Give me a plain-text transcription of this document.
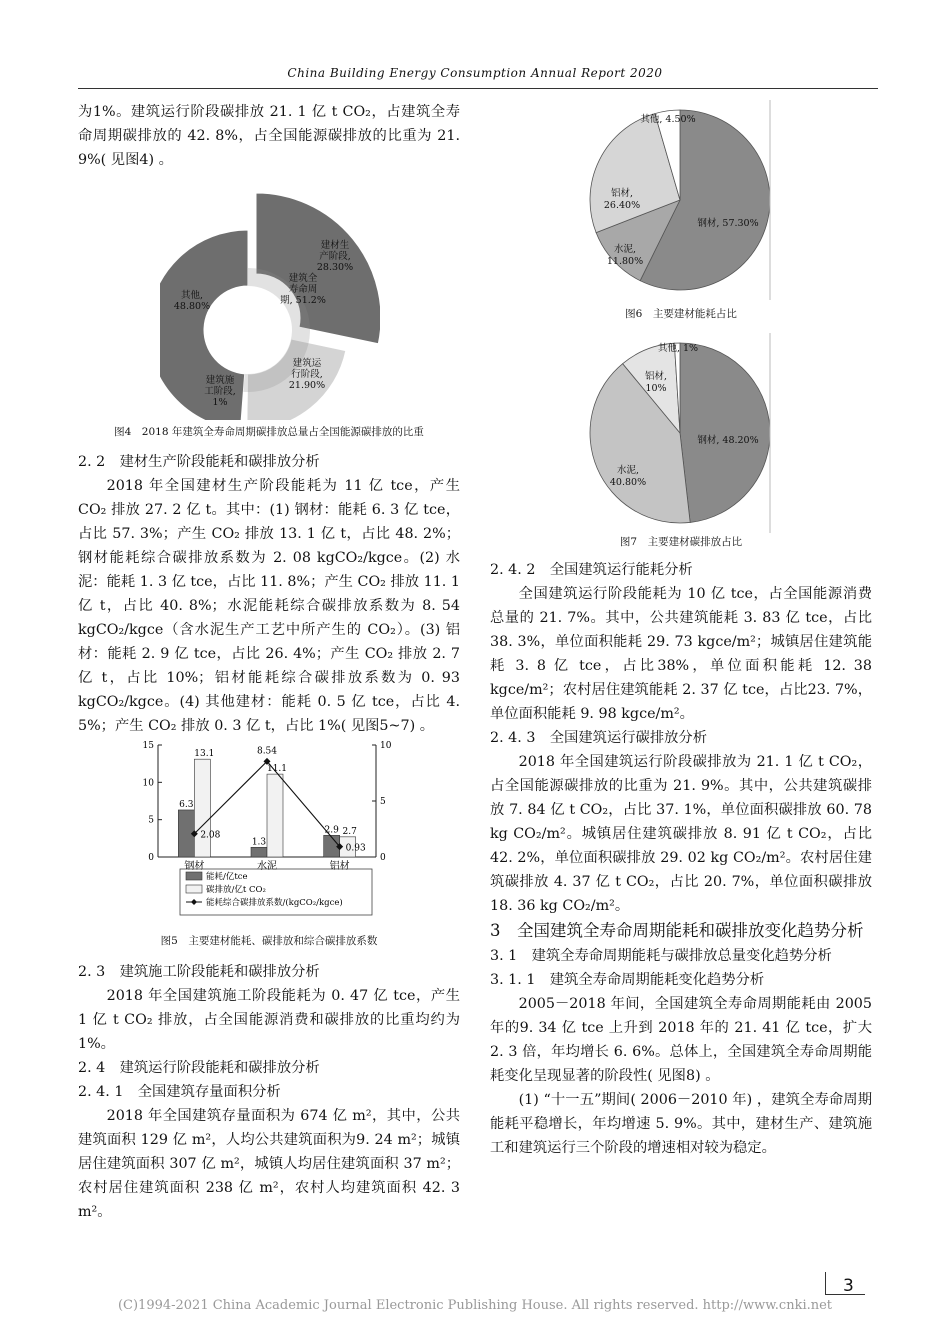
China Building Energy Consumption Annual Report 2020

为1%。建筑运行阶段碳排放 21. 1 亿 t CO₂，占建筑全寿命周期碳排放的 42. 8%，占全国能源碳排放的比重为 21. 9%( 见图4) 。

建材生产阶段, 28.30%
建筑全寿命周期, 51.2%
建筑运行阶段, 21.90%
建筑施工阶段, 1%
其他, 48.80%
图4　2018 年建筑全寿命周期碳排放总量占全国能源碳排放的比重

2. 2　建材生产阶段能耗和碳排放分析

2018 年全国建材生产阶段能耗为 11 亿 tce，产生 CO₂ 排放 27. 2 亿 t。其中：(1) 钢材：能耗 6. 3 亿 tce，占比 57. 3%；产生 CO₂ 排放 13. 1 亿 t，占比 48. 2%；钢材能耗综合碳排放系数为 2. 08 kgCO₂/kgce。(2) 水泥：能耗 1. 3 亿 tce，占比 11. 8%；产生 CO₂ 排放 11. 1 亿 t，占比 40. 8%；水泥能耗综合碳排放系数为 8. 54 kgCO₂/kgce（含水泥生产工艺中所产生的 CO₂）。(3) 铝材：能耗 2. 9 亿 tce，占比 26. 4%；产生 CO₂ 排放 2. 7 亿 t，占比 10%；铝材能耗综合碳排放系数为 0. 93 kgCO₂/kgce。(4) 其他建材：能耗 0. 5 亿 tce，占比 4. 5%；产生 CO₂ 排放 0. 3 亿 t，占比 1%( 见图5~7) 。

0
5
10
15
0
5
10
6.3
13.1
钢材
1.3
11.1
水泥
2.9 2.7
铝材
2.08
8.54
0.93
能耗/亿tce
碳排放/亿t CO₂
能耗综合碳排放系数/(kgCO₂/kgce)
图5　主要建材能耗、碳排放和综合碳排放系数

2. 3　建筑施工阶段能耗和碳排放分析

2018 年全国建筑施工阶段能耗为 0. 47 亿 tce，产生 1 亿 t CO₂ 排放，占全国能源消费和碳排放的比重均约为 1%。

2. 4　建筑运行阶段能耗和碳排放分析

2. 4. 1　全国建筑存量面积分析

2018 年全国建筑存量面积为 674 亿 m²，其中，公共建筑面积 129 亿 m²，人均公共建筑面积为9. 24 m²；城镇居住建筑面积 307 亿 m²，城镇人均居住建筑面积 37 m²；农村居住建筑面积 238 亿 m²，农村人均建筑面积 42. 3 m²。

钢材, 57.30%
水泥, 11.80%
铝材, 26.40%
其他, 4.50%
图6　主要建材能耗占比
钢材, 48.20%
水泥, 40.80%
铝材, 10%
其他, 1%
图7　主要建材碳排放占比

2. 4. 2　全国建筑运行能耗分析

全国建筑运行阶段能耗为 10 亿 tce，占全国能源消费总量的 21. 7%。其中，公共建筑能耗 3. 83 亿 tce，占比 38. 3%，单位面积能耗 29. 73 kgce/m²；城镇居住建筑能耗 3. 8 亿 tce，占比38%，单位面积能耗 12. 38 kgce/m²；农村居住建筑能耗 2. 37 亿 tce，占比23. 7%，单位面积能耗 9. 98 kgce/m²。

2. 4. 3　全国建筑运行碳排放分析

2018 年全国建筑运行阶段碳排放为 21. 1 亿 t CO₂，占全国能源碳排放的比重为 21. 9%。其中，公共建筑碳排放 7. 84 亿 t CO₂，占比 37. 1%，单位面积碳排放 60. 78 kg CO₂/m²。城镇居住建筑碳排放 8. 91 亿 t CO₂，占比 42. 2%，单位面积碳排放 29. 02 kg CO₂/m²。农村居住建筑碳排放 4. 37 亿 t CO₂，占比 20. 7%，单位面积碳排放 18. 36 kg CO₂/m²。

3　全国建筑全寿命周期能耗和碳排放变化趋势分析

3. 1　建筑全寿命周期能耗与碳排放总量变化趋势分析

3. 1. 1　建筑全寿命周期能耗变化趋势分析

2005－2018 年间，全国建筑全寿命周期能耗由 2005 年的9. 34 亿 tce 上升到 2018 年的 21. 41 亿 tce，扩大 2. 3 倍，年均增长 6. 6%。总体上，全国建筑全寿命周期能耗变化呈现显著的阶段性( 见图8) 。

(1) “十一五”期间( 2006－2010 年) ，建筑全寿命周期能耗平稳增长，年均增速 5. 9%。其中，建材生产、建筑施工和建筑运行三个阶段的增速相对较为稳定。

3
(C)1994-2021 China Academic Journal Electronic Publishing House. All rights reserved. http://www.cnki.net
